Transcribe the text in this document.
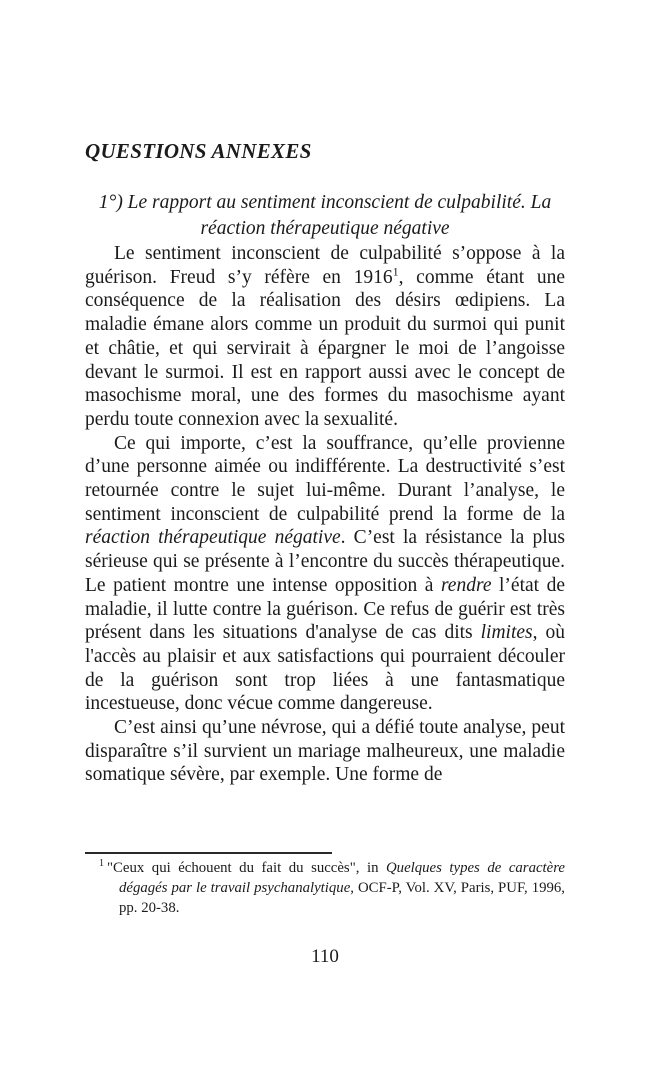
QUESTIONS ANNEXES
1°) Le rapport au sentiment inconscient de culpabilité. La
réaction thérapeutique négative

Le sentiment inconscient de culpabilité s’oppose à la guérison. Freud s’y réfère en 1916$^1$, comme étant une conséquence de la réalisation des désirs œdipiens. La maladie émane alors comme un produit du surmoi qui punit et châtie, et qui servirait à épargner le moi de l’angoisse devant le surmoi. Il est en rapport aussi avec le concept de masochisme moral, une des formes du masochisme ayant perdu toute connexion avec la sexualité.

Ce qui importe, c’est la souffrance, qu’elle provienne d’une personne aimée ou indifférente. La destructivité s’est retournée contre le sujet lui-même. Durant l’analyse, le sentiment inconscient de culpabilité prend la forme de la réaction thérapeutique négative. C’est la résistance la plus sérieuse qui se présente à l’encontre du succès thérapeutique. Le patient montre une intense opposition à rendre l’état de maladie, il lutte contre la guérison. Ce refus de guérir est très présent dans les situations d'analyse de cas dits limites, où l'accès au plaisir et aux satisfactions qui pourraient découler de la guérison sont trop liées à une fantasmatique incestueuse, donc vécue comme dangereuse.

C’est ainsi qu’une névrose, qui a défié toute analyse, peut disparaître s’il survient un mariage malheureux, une maladie somatique sévère, par exemple. Une forme de

$^1$ "Ceux qui échouent du fait du succès", in Quelques types de caractère dégagés par le travail psychanalytique, OCF-P, Vol. XV, Paris, PUF, 1996, pp. 20-38.
110
